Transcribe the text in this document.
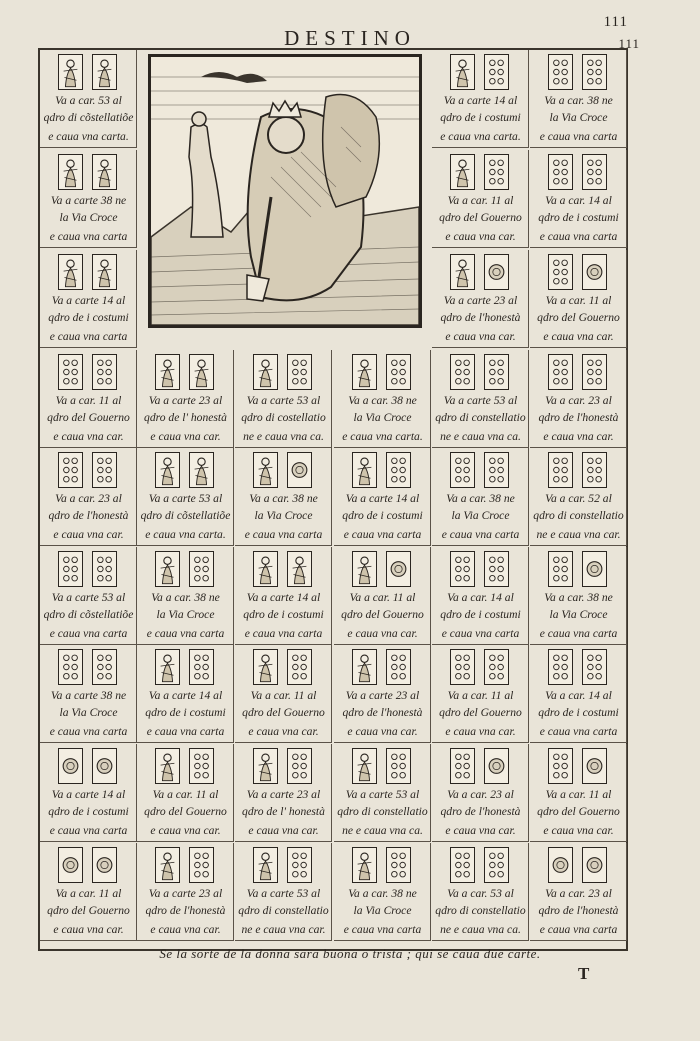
111
111
DESTINO
Va a car. 53 al
qdro di cõstellatiõe
e caua vna carta.
Va a carte 14 al
qdro de i costumi
e caua vna carta.
Va a car. 38 ne
la Via Croce
e caua vna carta
Va a carte 38 ne
la Via Croce
e caua vna carta
Va a car. 11 al
qdro del Gouerno
e caua vna car.
Va a car. 14 al
qdro de i costumi
e caua vna carta
Va a carte 14 al
qdro de i costumi
e caua vna carta
Va a carte 23 al
qdro de l'honestà
e caua vna car.
Va a car. 11 al
qdro del Gouerno
e caua vna car.
Va a car. 11 al
qdro del Gouerno
e caua vna car.
Va a carte 23 al
qdro de l' honestà
e caua vna car.
Va a carte 53 al
qdro di costellatio
ne e caua vna ca.
Va a car. 38 ne
la Via Croce
e caua vna carta.
Va a carte 53 al
qdro di constellatio
ne e caua vna ca.
Va a car. 23 al
qdro de l'honestà
e caua vna car.
Va a car. 23 al
qdro de l'honestà
e caua vna car.
Va a carte 53 al
qdro di cõstellatiõe
e caua vna carta.
Va a car. 38 ne
la Via Croce
e caua vna carta
Va a carte 14 al
qdro de i costumi
e caua vna carta
Va a car. 38 ne
la Via Croce
e caua vna carta
Va a car. 52 al
qdro di constellatio
ne e caua vna car.
Va a carte 53 al
qdro di cõstellatiõe
e caua vna carta
Va a car. 38 ne
la Via Croce
e caua vna carta
Va a carte 14 al
qdro de i costumi
e caua vna carta
Va a car. 11 al
qdro del Gouerno
e caua vna car.
Va a car. 14 al
qdro de i costumi
e caua vna carta
Va a car. 38 ne
la Via Croce
e caua vna carta
Va a carte 38 ne
la Via Croce
e caua vna carta
Va a carte 14 al
qdro de i costumi
e caua vna carta
Va a car. 11 al
qdro del Gouerno
e caua vna car.
Va a carte 23 al
qdro de l'honestà
e caua vna car.
Va a car. 11 al
qdro del Gouerno
e caua vna car.
Va a car. 14 al
qdro de i costumi
e caua vna carta
Va a carte 14 al
qdro de i costumi
e caua vna carta
Va a car. 11 al
qdro del Gouerno
e caua vna car.
Va a carte 23 al
qdro de l' honestà
e caua vna car.
Va a carte 53 al
qdro di constellatio
ne e caua vna ca.
Va a car. 23 al
qdro de l'honestà
e caua vna car.
Va a car. 11 al
qdro del Gouerno
e caua vna car.
Va a car. 11 al
qdro del Gouerno
e caua vna car.
Va a carte 23 al
qdro de l'honestà
e caua vna car.
Va a carte 53 al
qdro di constellatio
ne e caua vna car.
Va a car. 38 ne
la Via Croce
e caua vna carta
Va a car. 53 al
qdro di constellatio
ne e caua vna ca.
Va a car. 23 al
qdro de l'honestà
e caua vna carta
Se la sorte de la donna sara buona o trista ; qui se caua due carte.
T
